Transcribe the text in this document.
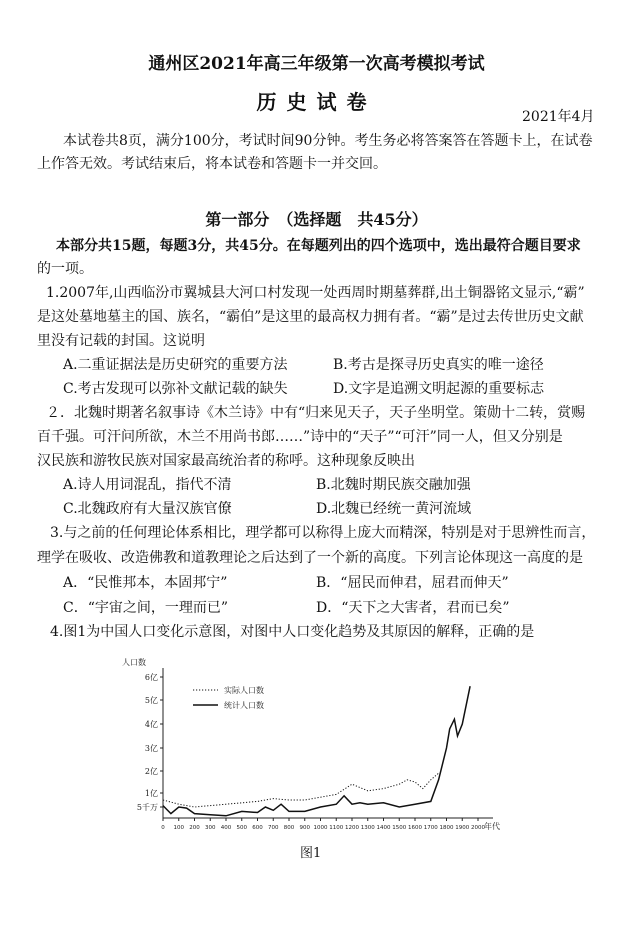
通州区2021年高三年级第一次高考模拟考试
历史试卷
2021年4月
本试卷共8页，满分100分，考试时间90分钟。考生务必将答案答在答题卡上，在试卷
上作答无效。考试结束后，将本试卷和答题卡一并交回。
第一部分　（选择题　共45分）
本部分共15题，每题3分，共45分。在每题列出的四个选项中，选出最符合题目要求
的一项。
1.2007年,山西临汾市翼城县大河口村发现一处西周时期墓葬群,出土铜器铭文显示,“霸”
是这处墓地墓主的国、族名，“霸伯”是这里的最高权力拥有者。“霸”是过去传世历史文献
里没有记载的封国。这说明
A.二重证据法是历史研究的重要方法	B.考古是探寻历史真实的唯一途径
C.考古发现可以弥补文献记载的缺失	D.文字是追溯文明起源的重要标志
２．北魏时期著名叙事诗《木兰诗》中有“归来见天子，天子坐明堂。策勋十二转，赏赐
百千强。可汗问所欲，木兰不用尚书郎……”诗中的“天子”“可汗”同一人，但又分别是
汉民族和游牧民族对国家最高统治者的称呼。这种现象反映出
A.诗人用词混乱，指代不清	B.北魏时期民族交融加强
C.北魏政府有大量汉族官僚	D.北魏已经统一黄河流域
3.与之前的任何理论体系相比，理学都可以称得上庞大而精深，特别是对于思辨性而言，
理学在吸收、改造佛教和道教理论之后达到了一个新的高度。下列言论体现这一高度的是
A．“民惟邦本，本固邦宁”	B．“屈民而伸君，屈君而伸天”
C．“宇宙之间，一理而已”	D．“天下之大害者，君而已矣”
4.图1为中国人口变化示意图，对图中人口变化趋势及其原因的解释，正确的是
人口数
年代
5千万
1亿
2亿
3亿
4亿
5亿
6亿
0 100 200 300 400 500 600 700 800 900 1000 1100 1200 1300 1400 1500 1600 1700 1800 1900 2000
实际人口数
统计人口数
图1
